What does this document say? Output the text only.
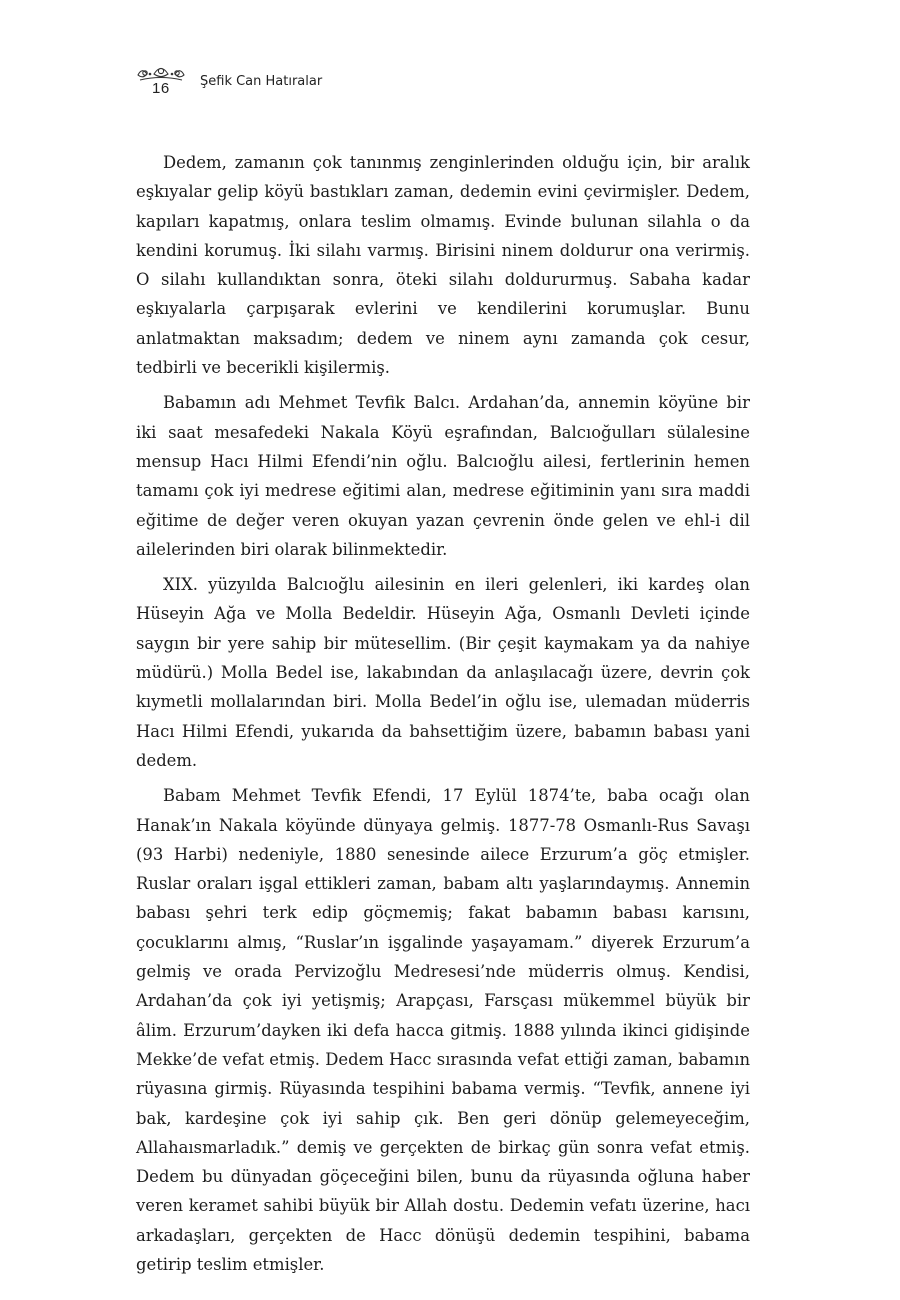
16 Şefik Can Hatıralar

Dedem, zamanın çok tanınmış zenginlerinden olduğu için, bir aralık eşkıyalar gelip köyü bastıkları zaman, dedemin evini çevirmişler. Dedem, kapıları kapatmış, onlara teslim olmamış. Evinde bulunan silahla o da kendini korumuş. İki silahı varmış. Birisini ninem doldurur ona verirmiş. O silahı kullandıktan sonra, öteki silahı doldururmuş. Sabaha kadar eşkıyalarla çarpışarak evlerini ve kendilerini korumuşlar. Bunu anlatmaktan maksadım; dedem ve ninem aynı zamanda çok cesur, tedbirli ve becerikli kişilermiş.

Babamın adı Mehmet Tevfik Balcı. Ardahan’da, annemin köyüne bir iki saat mesafedeki Nakala Köyü eşrafından, Balcıoğulları sülalesine mensup Hacı Hilmi Efendi’nin oğlu. Balcıoğlu ailesi, fertlerinin hemen tamamı çok iyi medrese eğitimi alan, medrese eğitiminin yanı sıra maddi eğitime de değer veren okuyan yazan çevrenin önde gelen ve ehl-i dil ailelerinden biri olarak bilinmektedir.

XIX. yüzyılda Balcıoğlu ailesinin en ileri gelenleri, iki kardeş olan Hüseyin Ağa ve Molla Bedeldir. Hüseyin Ağa, Osmanlı Devleti içinde saygın bir yere sahip bir mütesellim. (Bir çeşit kaymakam ya da nahiye müdürü.) Molla Bedel ise, lakabından da anlaşılacağı üzere, devrin çok kıymetli mollalarından biri. Molla Bedel’in oğlu ise, ulemadan müderris Hacı Hilmi Efendi, yukarıda da bahsettiğim üzere, babamın babası yani dedem.

Babam Mehmet Tevfik Efendi, 17 Eylül 1874’te, baba ocağı olan Hanak’ın Nakala köyünde dünyaya gelmiş. 1877-78 Osmanlı-Rus Savaşı (93 Harbi) nedeniyle, 1880 senesinde ailece Erzurum’a göç etmişler. Ruslar oraları işgal ettikleri zaman, babam altı yaşlarındaymış. Annemin babası şehri terk edip göçmemiş; fakat babamın babası karısını, çocuklarını almış, “Ruslar’ın işgalinde yaşayamam.” diyerek Erzurum’a gelmiş ve orada Pervizoğlu Medresesi’nde müderris olmuş. Kendisi, Ardahan’da çok iyi yetişmiş; Arapçası, Farsçası mükemmel büyük bir âlim. Erzurum’dayken iki defa hacca gitmiş. 1888 yılında ikinci gidişinde Mekke’de vefat etmiş. Dedem Hacc sırasında vefat ettiği zaman, babamın rüyasına girmiş. Rüyasında tespihini babama vermiş. “Tevfik, annene iyi bak, kardeşine çok iyi sahip çık. Ben geri dönüp gelemeyeceğim, Allahaısmarladık.” demiş ve gerçekten de birkaç gün sonra vefat etmiş. Dedem bu dünyadan göçeceğini bilen, bunu da rüyasında oğluna haber veren keramet sahibi büyük bir Allah dostu. Dedemin vefatı üzerine, hacı arkadaşları, gerçekten de Hacc dönüşü dedemin tespihini, babama getirip teslim etmişler.
